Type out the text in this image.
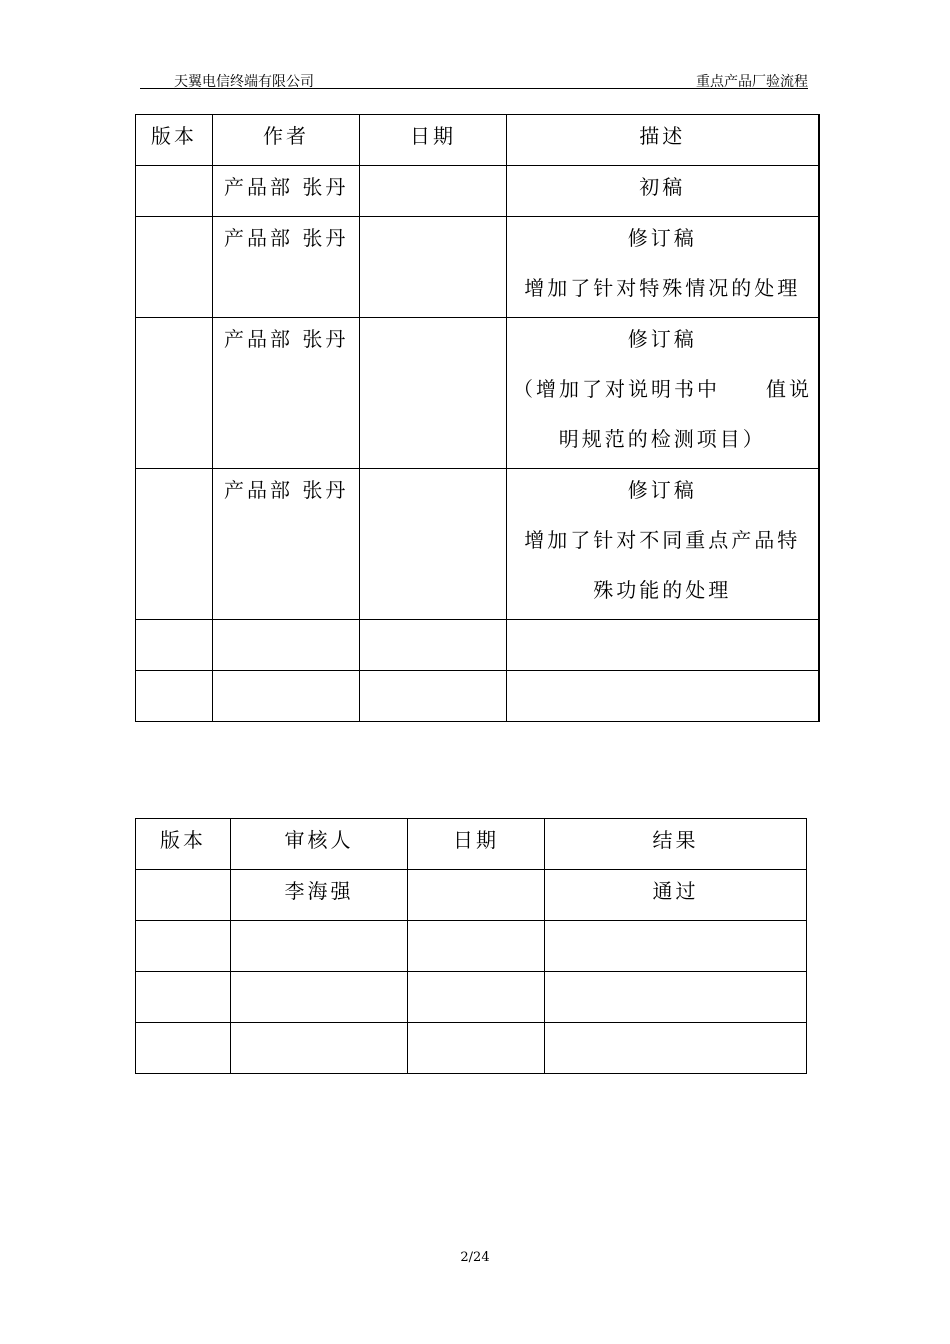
天翼电信终端有限公司	重点产品厂验流程
版本	作者	日期	描述

	产品部 张丹		初稿

	产品部 张丹		修订稿
增加了针对特殊情况的处理

	产品部 张丹		修订稿
（增加了对说明书中　　值说
明规范的检测项目）

	产品部 张丹		修订稿
增加了针对不同重点产品特
殊功能的处理

版本	审核人	日期	结果

	李海强		通过

2/24
